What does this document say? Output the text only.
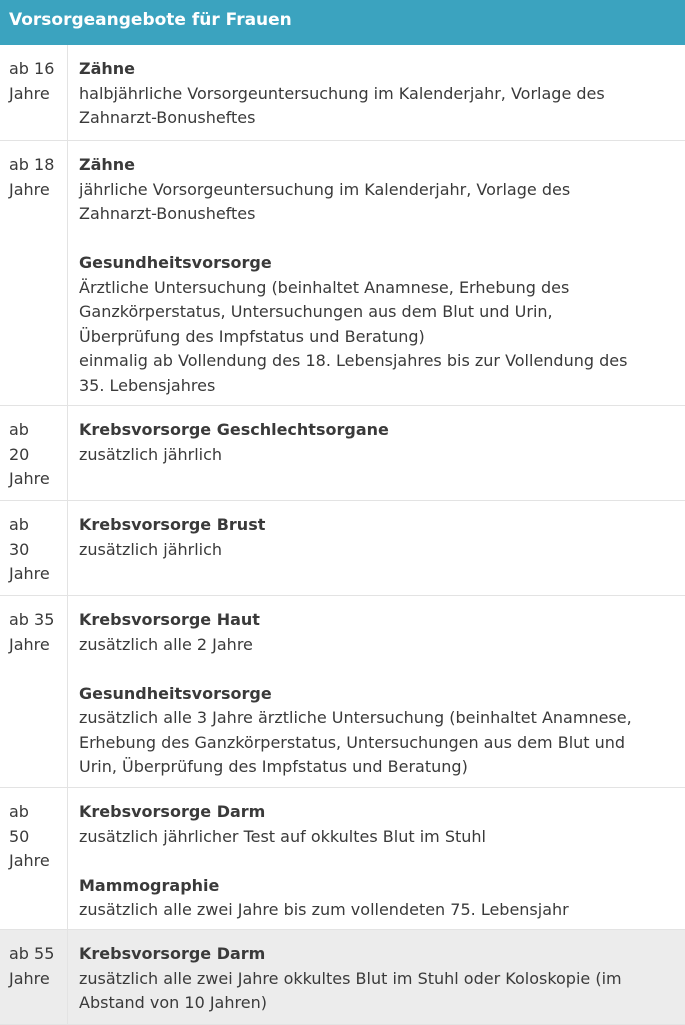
Vorsorgeangebote für Frauen
ab 16
Jahre
Zähne
halbjährliche Vorsorgeuntersuchung im Kalenderjahr, Vorlage des
Zahnarzt-Bonusheftes
ab 18
Jahre
Zähne
jährliche Vorsorgeuntersuchung im Kalenderjahr, Vorlage des
Zahnarzt-Bonusheftes
Gesundheitsvorsorge
Ärztliche Untersuchung (beinhaltet Anamnese, Erhebung des
Ganzkörperstatus, Untersuchungen aus dem Blut und Urin,
Überprüfung des Impfstatus und Beratung)
einmalig ab Vollendung des 18. Lebensjahres bis zur Vollendung des
35. Lebensjahres
ab
20
Jahre
Krebsvorsorge Geschlechtsorgane
zusätzlich jährlich
ab
30
Jahre
Krebsvorsorge Brust
zusätzlich jährlich
ab 35
Jahre
Krebsvorsorge Haut
zusätzlich alle 2 Jahre
Gesundheitsvorsorge
zusätzlich alle 3 Jahre ärztliche Untersuchung (beinhaltet Anamnese,
Erhebung des Ganzkörperstatus, Untersuchungen aus dem Blut und
Urin, Überprüfung des Impfstatus und Beratung)
ab
50
Jahre
Krebsvorsorge Darm
zusätzlich jährlicher Test auf okkultes Blut im Stuhl
Mammographie
zusätzlich alle zwei Jahre bis zum vollendeten 75. Lebensjahr
ab 55
Jahre
Krebsvorsorge Darm
zusätzlich alle zwei Jahre okkultes Blut im Stuhl oder Koloskopie (im
Abstand von 10 Jahren)
